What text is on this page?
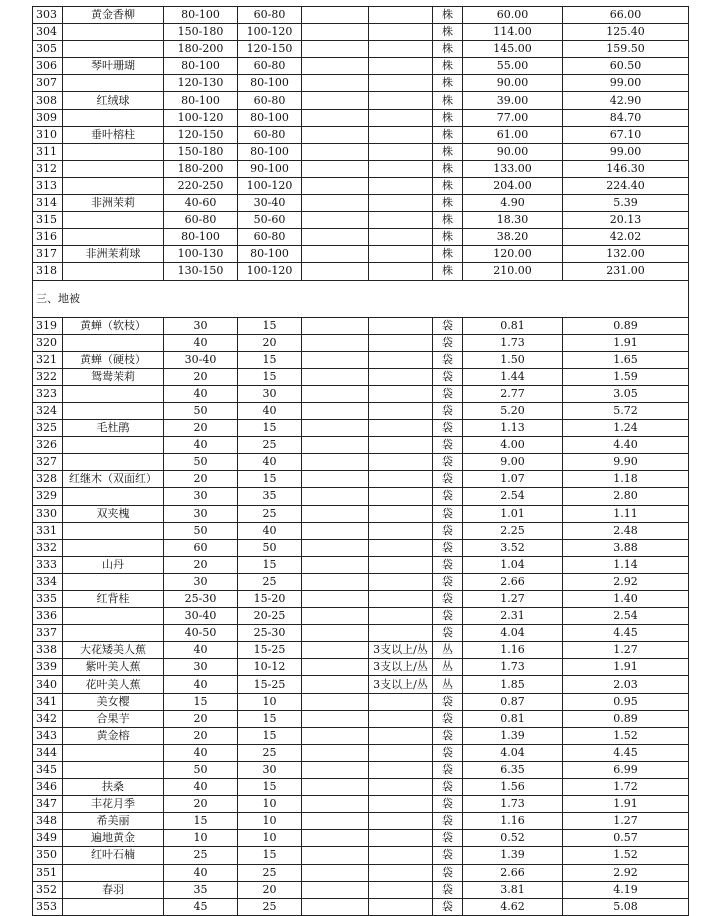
303	黄金香柳	80-100	60-80			株	60.00	66.00
304		150-180	100-120			株	114.00	125.40
305		180-200	120-150			株	145.00	159.50
306	琴叶珊瑚	80-100	60-80			株	55.00	60.50
307		120-130	80-100			株	90.00	99.00
308	红绒球	80-100	60-80			株	39.00	42.90
309		100-120	80-100			株	77.00	84.70
310	垂叶榕柱	120-150	60-80			株	61.00	67.10
311		150-180	80-100			株	90.00	99.00
312		180-200	90-100			株	133.00	146.30
313		220-250	100-120			株	204.00	224.40
314	非洲茉莉	40-60	30-40			株	4.90	5.39
315		60-80	50-60			株	18.30	20.13
316		80-100	60-80			株	38.20	42.02
317	非洲茉莉球	100-130	80-100			株	120.00	132.00
318		130-150	100-120			株	210.00	231.00
三、地被								
319	黄蝉（软枝）	30	15			袋	0.81	0.89
320		40	20			袋	1.73	1.91
321	黄蝉（硬枝）	30-40	15			袋	1.50	1.65
322	鸳鸯茉莉	20	15			袋	1.44	1.59
323		40	30			袋	2.77	3.05
324		50	40			袋	5.20	5.72
325	毛杜鹃	20	15			袋	1.13	1.24
326		40	25			袋	4.00	4.40
327		50	40			袋	9.00	9.90
328	红继木（双面红）	20	15			袋	1.07	1.18
329		30	35			袋	2.54	2.80
330	双夹槐	30	25			袋	1.01	1.11
331		50	40			袋	2.25	2.48
332		60	50			袋	3.52	3.88
333	山丹	20	15			袋	1.04	1.14
334		30	25			袋	2.66	2.92
335	红背桂	25-30	15-20			袋	1.27	1.40
336		30-40	20-25			袋	2.31	2.54
337		40-50	25-30			袋	4.04	4.45
338	大花矮美人蕉	40	15-25		3支以上/丛	丛	1.16	1.27
339	紫叶美人蕉	30	10-12		3支以上/丛	丛	1.73	1.91
340	花叶美人蕉	40	15-25		3支以上/丛	丛	1.85	2.03
341	美女樱	15	10			袋	0.87	0.95
342	合果芋	20	15			袋	0.81	0.89
343	黄金榕	20	15			袋	1.39	1.52
344		40	25			袋	4.04	4.45
345		50	30			袋	6.35	6.99
346	扶桑	40	15			袋	1.56	1.72
347	丰花月季	20	10			袋	1.73	1.91
348	希美丽	15	10			袋	1.16	1.27
349	遍地黄金	10	10			袋	0.52	0.57
350	红叶石楠	25	15			袋	1.39	1.52
351		40	25			袋	2.66	2.92
352	春羽	35	20			袋	3.81	4.19
353		45	25			袋	4.62	5.08
